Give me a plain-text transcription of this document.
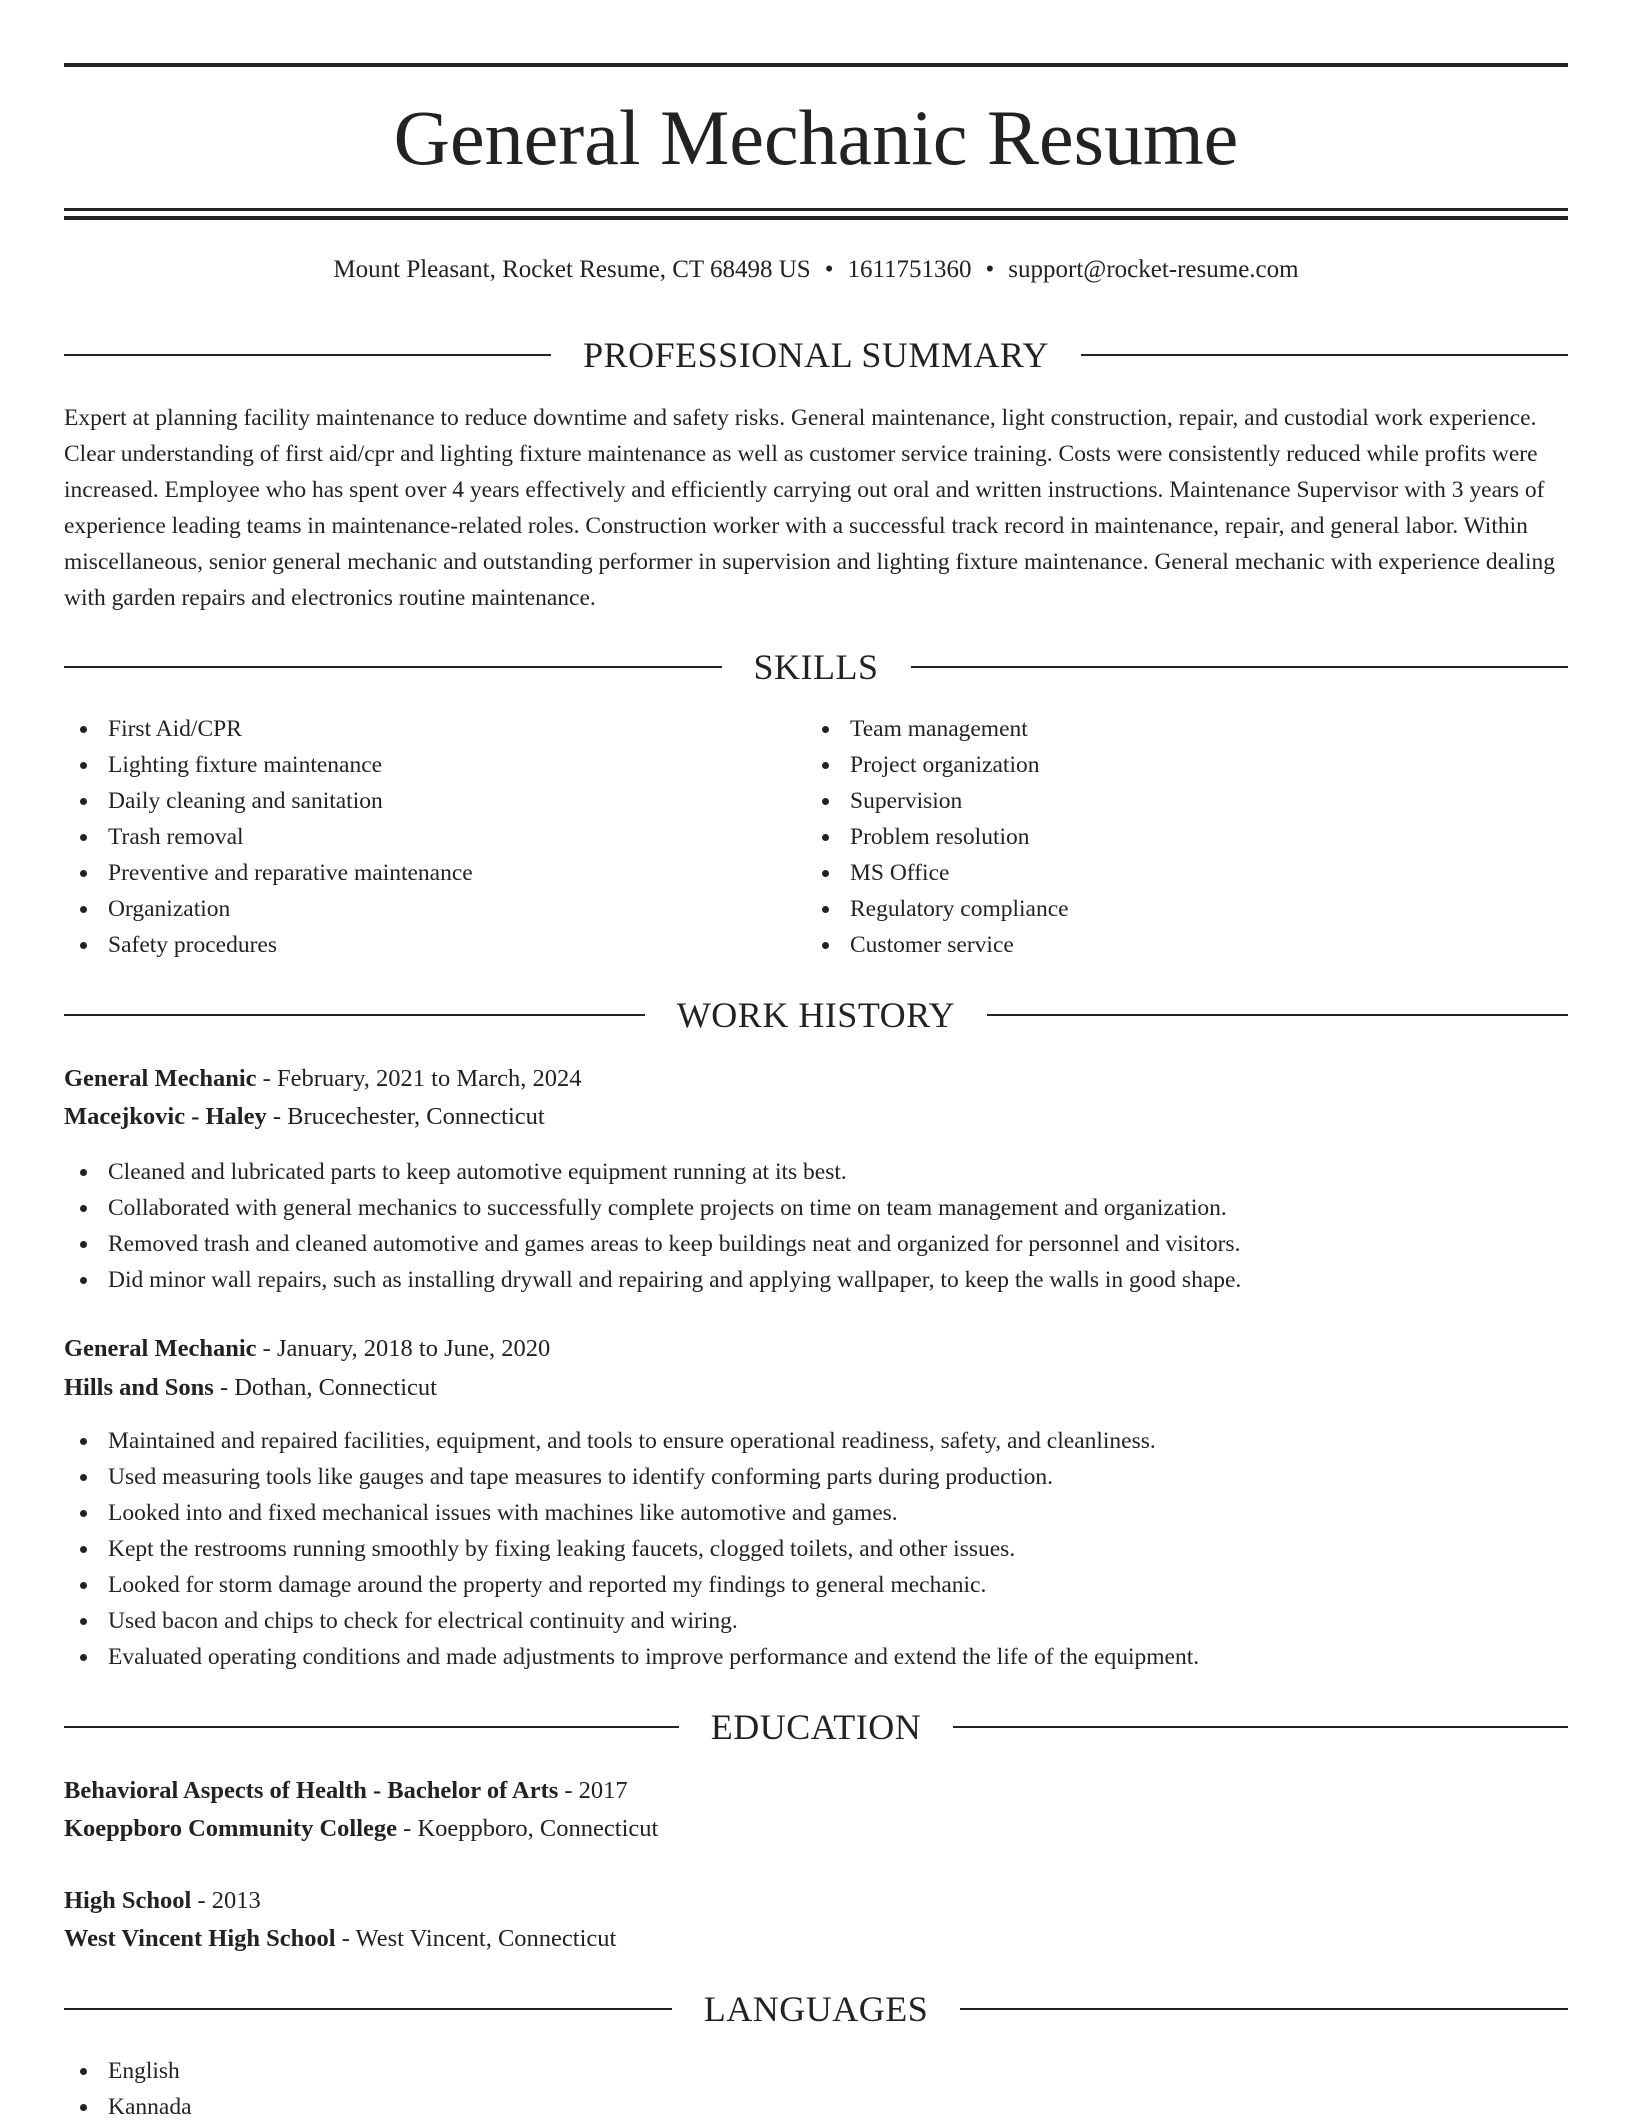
General Mechanic Resume
Mount Pleasant, Rocket Resume, CT 68498 US • 1611751360 • support@rocket-resume.com
PROFESSIONAL SUMMARY

Expert at planning facility maintenance to reduce downtime and safety risks. General maintenance, light construction, repair, and custodial work experience. Clear understanding of first aid/cpr and lighting fixture maintenance as well as customer service training. Costs were consistently reduced while profits were increased. Employee who has spent over 4 years effectively and efficiently carrying out oral and written instructions. Maintenance Supervisor with 3 years of experience leading teams in maintenance-related roles. Construction worker with a successful track record in maintenance, repair, and general labor. Within miscellaneous, senior general mechanic and outstanding performer in supervision and lighting fixture maintenance. General mechanic with experience dealing with garden repairs and electronics routine maintenance.

SKILLS
First Aid/CPR
Lighting fixture maintenance
Daily cleaning and sanitation
Trash removal
Preventive and reparative maintenance
Organization
Safety procedures
Team management
Project organization
Supervision
Problem resolution
MS Office
Regulatory compliance
Customer service
WORK HISTORY
General Mechanic - February, 2021 to March, 2024
Macejkovic - Haley - Brucechester, Connecticut
Cleaned and lubricated parts to keep automotive equipment running at its best.
Collaborated with general mechanics to successfully complete projects on time on team management and organization.
Removed trash and cleaned automotive and games areas to keep buildings neat and organized for personnel and visitors.
Did minor wall repairs, such as installing drywall and repairing and applying wallpaper, to keep the walls in good shape.
General Mechanic - January, 2018 to June, 2020
Hills and Sons - Dothan, Connecticut
Maintained and repaired facilities, equipment, and tools to ensure operational readiness, safety, and cleanliness.
Used measuring tools like gauges and tape measures to identify conforming parts during production.
Looked into and fixed mechanical issues with machines like automotive and games.
Kept the restrooms running smoothly by fixing leaking faucets, clogged toilets, and other issues.
Looked for storm damage around the property and reported my findings to general mechanic.
Used bacon and chips to check for electrical continuity and wiring.
Evaluated operating conditions and made adjustments to improve performance and extend the life of the equipment.
EDUCATION
Behavioral Aspects of Health - Bachelor of Arts - 2017
Koeppboro Community College - Koeppboro, Connecticut
High School - 2013
West Vincent High School - West Vincent, Connecticut
LANGUAGES
English
Kannada
